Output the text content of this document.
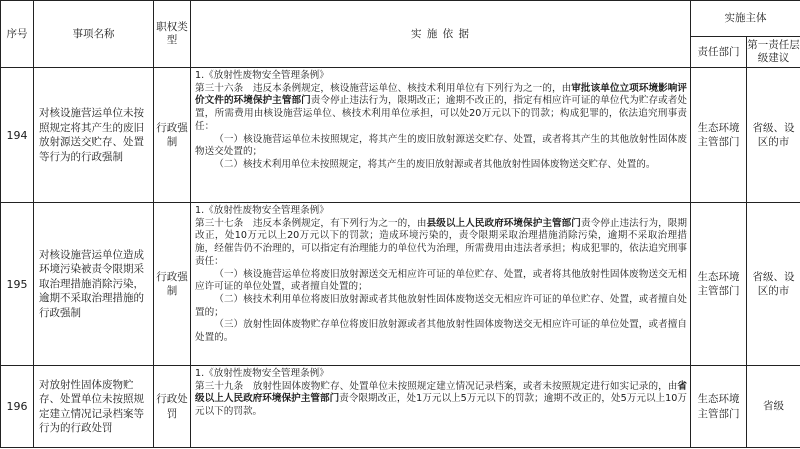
序号	事项名称	职权类型	实 施 依 据	实施主体	
				责任部门	第一责任层级建议
194	对核设施营运单位未按照规定将其产生的废旧放射源送交贮存、处置等行为的行政强制	行政强制	1.《放射性废物安全管理条例》

第三十六条　违反本条例规定，核设施营运单位、核技术利用单位有下列行为之一的，由审批该单位立项环境影响评价文件的环境保护主管部门责令停止违法行为，限期改正；逾期不改正的，指定有相应许可证的单位代为贮存或者处置，所需费用由核设施营运单位、核技术利用单位承担，可以处20万元以下的罚款；构成犯罪的，依法追究刑事责任：

（一）核设施营运单位未按照规定，将其产生的废旧放射源送交贮存、处置，或者将其产生的其他放射性固体废物送交处置的；

（二）核技术利用单位未按照规定，将其产生的废旧放射源或者其他放射性固体废物送交贮存、处置的。	生态环境主管部门	省级、设区的市
195	对核设施营运单位造成环境污染被责令限期采取治理措施消除污染，逾期不采取治理措施的行政强制	行政强制	1.《放射性废物安全管理条例》

第三十七条　违反本条例规定，有下列行为之一的，由县级以上人民政府环境保护主管部门责令停止违法行为，限期改正，处10万元以上20万元以下的罚款；造成环境污染的，责令限期采取治理措施消除污染，逾期不采取治理措施，经催告仍不治理的，可以指定有治理能力的单位代为治理，所需费用由违法者承担；构成犯罪的，依法追究刑事责任：

（一）核设施营运单位将废旧放射源送交无相应许可证的单位贮存、处置，或者将其他放射性固体废物送交无相应许可证的单位处置，或者擅自处置的；

（二）核技术利用单位将废旧放射源或者其他放射性固体废物送交无相应许可证的单位贮存、处置，或者擅自处置的；

（三）放射性固体废物贮存单位将废旧放射源或者其他放射性固体废物送交无相应许可证的单位处置，或者擅自处置的。	生态环境主管部门	省级、设区的市
196	对放射性固体废物贮存、处置单位未按照规定建立情况记录档案等行为的行政处罚	行政处罚	1.《放射性废物安全管理条例》

第三十九条　放射性固体废物贮存、处置单位未按照规定建立情况记录档案，或者未按照规定进行如实记录的，由省级以上人民政府环境保护主管部门责令限期改正，处1万元以上5万元以下的罚款；逾期不改正的，处5万元以上10万元以下的罚款。	生态环境主管部门	省级
